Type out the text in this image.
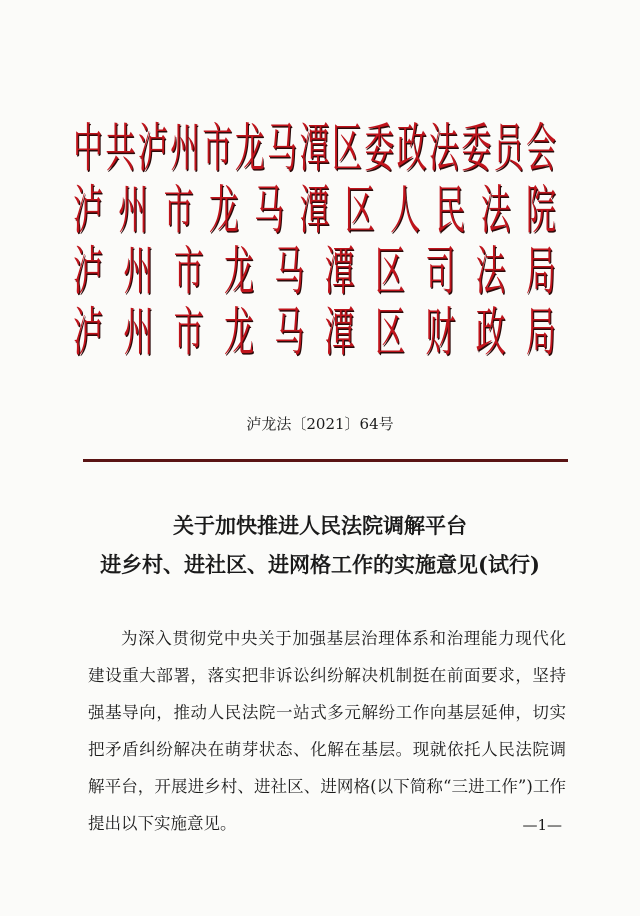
中共泸州市龙马潭区委政法委员会
泸州市龙马潭区人民法院
泸州市龙马潭区司法局
泸州市龙马潭区财政局
泸龙法〔2021〕64号
关于加快推进人民法院调解平台
进乡村、进社区、进网格工作的实施意见(试行)
为深入贯彻党中央关于加强基层治理体系和治理能力现代化建设重大部署，落实把非诉讼纠纷解决机制挺在前面要求，坚持强基导向，推动人民法院一站式多元解纷工作向基层延伸，切实把矛盾纠纷解决在萌芽状态、化解在基层。现就依托人民法院调解平台，开展进乡村、进社区、进网格(以下简称“三进工作”)工作提出以下实施意见。	—1—
